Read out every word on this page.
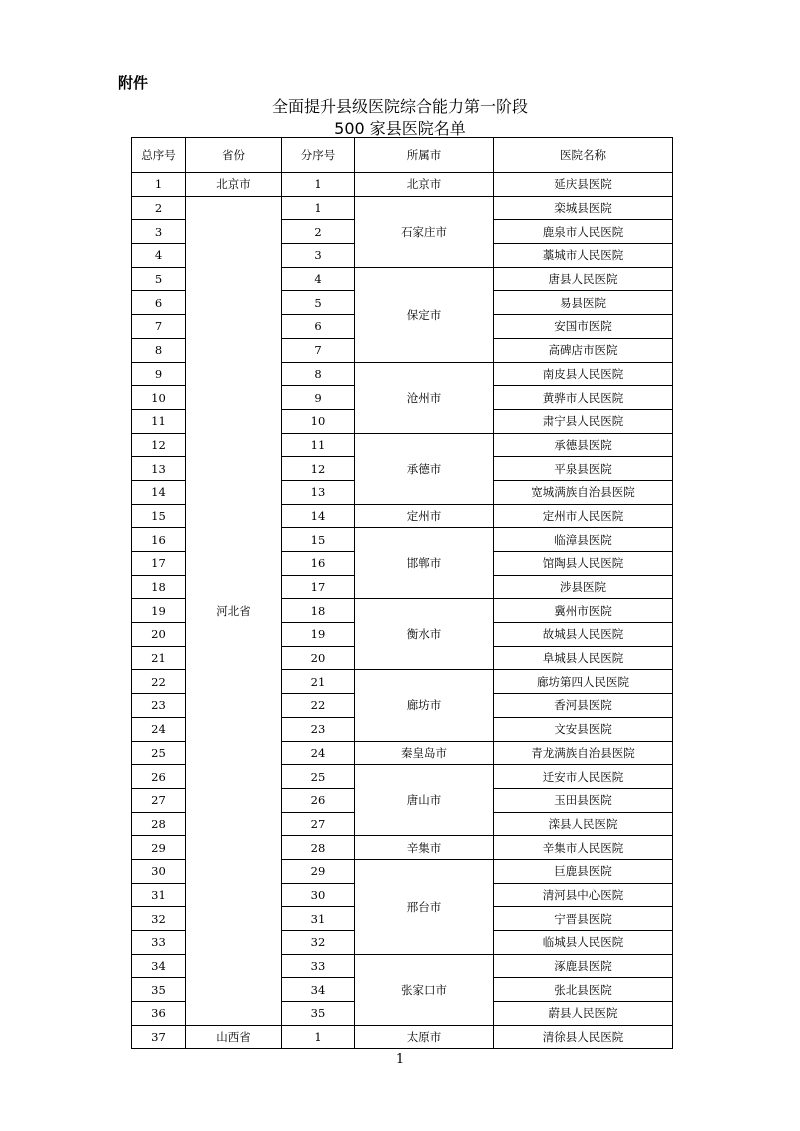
附件
全面提升县级医院综合能力第一阶段
500 家县医院名单
总序号	省份	分序号	所属市	医院名称
1	北京市	1	北京市	延庆县医院
2	河北省	1	石家庄市	栾城县医院
3		2		鹿泉市人民医院
4		3		藁城市人民医院
5		4	保定市	唐县人民医院
6		5		易县医院
7		6		安国市医院
8		7		高碑店市医院
9		8	沧州市	南皮县人民医院
10		9		黄骅市人民医院
11		10		肃宁县人民医院
12		11	承德市	承德县医院
13		12		平泉县医院
14		13		宽城满族自治县医院
15		14	定州市	定州市人民医院
16		15	邯郸市	临漳县医院
17		16		馆陶县人民医院
18		17		涉县医院
19		18	衡水市	冀州市医院
20		19		故城县人民医院
21		20		阜城县人民医院
22		21	廊坊市	廊坊第四人民医院
23		22		香河县医院
24		23		文安县医院
25		24	秦皇岛市	青龙满族自治县医院
26		25	唐山市	迁安市人民医院
27		26		玉田县医院
28		27		滦县人民医院
29		28	辛集市	辛集市人民医院
30		29	邢台市	巨鹿县医院
31		30		清河县中心医院
32		31		宁晋县医院
33		32		临城县人民医院
34		33	张家口市	涿鹿县医院
35		34		张北县医院
36		35		蔚县人民医院
37	山西省	1	太原市	清徐县人民医院
1
